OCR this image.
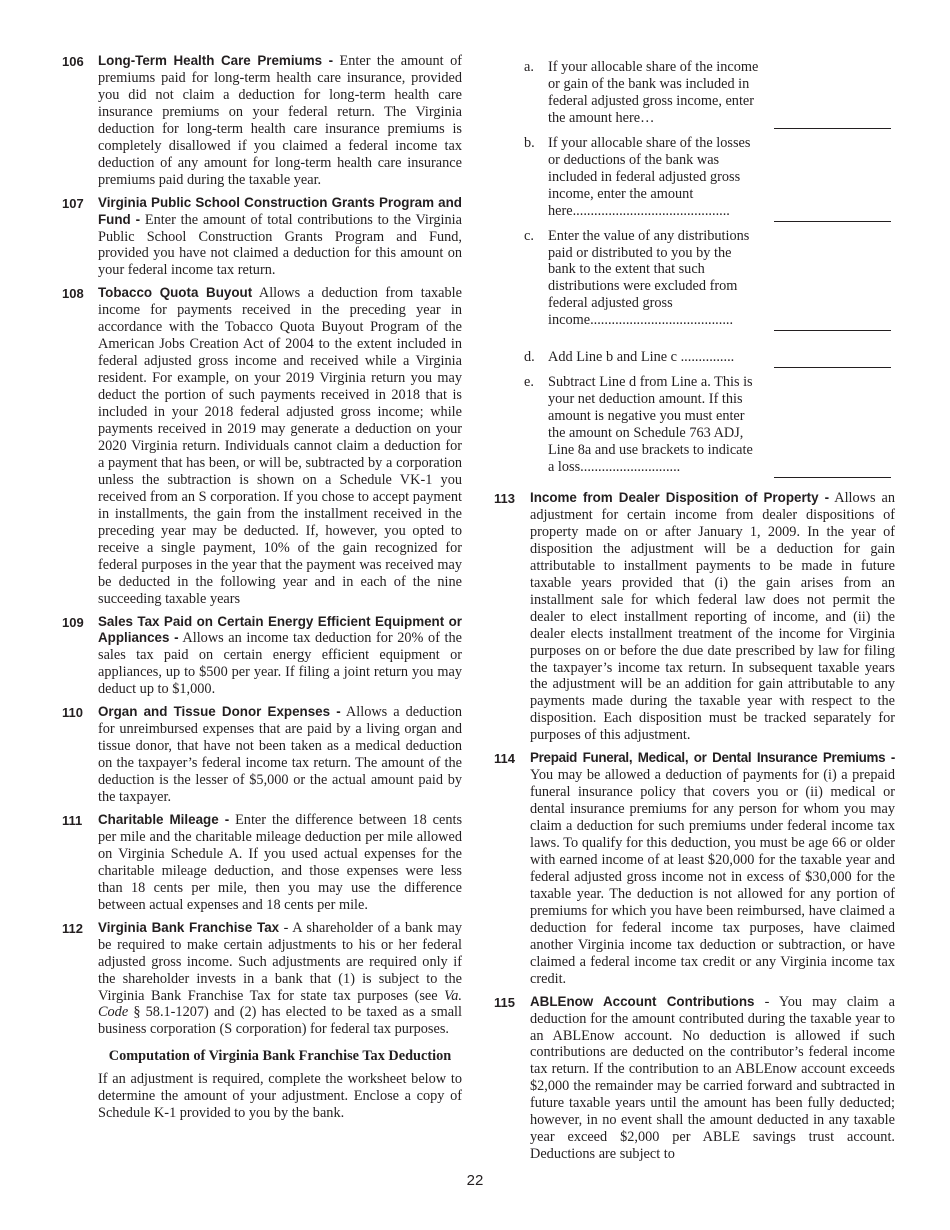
106	Long-Term Health Care Premiums - Enter the amount of premiums paid for long-term health care insurance, provided you did not claim a deduction for long-term health care insurance premiums on your federal return. The Virginia deduction for long-term health care insurance premiums is completely disallowed if you claimed a federal income tax deduction of any amount for long-term health care insurance premiums paid during the taxable year.
107	Virginia Public School Construction Grants Program and Fund - Enter the amount of total contributions to the Virginia Public School Construction Grants Program and Fund, provided you have not claimed a deduction for this amount on your federal income tax return.
108	Tobacco Quota Buyout Allows a deduction from taxable income for payments received in the preceding year in accordance with the Tobacco Quota Buyout Program of the American Jobs Creation Act of 2004 to the extent included in federal adjusted gross income and received while a Virginia resident. For example, on your 2019 Virginia return you may deduct the portion of such payments received in 2018 that is included in your 2018 federal adjusted gross income; while payments received in 2019 may generate a deduction on your 2020 Virginia return. Individuals cannot claim a deduction for a payment that has been, or will be, subtracted by a corporation unless the subtraction is shown on a Schedule VK-1 you received from an S corporation. If you chose to accept payment in installments, the gain from the installment received in the preceding year may be deducted. If, however, you opted to receive a single payment, 10% of the gain recognized for federal purposes in the year that the payment was received may be deducted in the following year and in each of the nine succeeding taxable years
109	Sales Tax Paid on Certain Energy Efficient Equipment or Appliances - Allows an income tax deduction for 20% of the sales tax paid on certain energy efficient equipment or appliances, up to $500 per year. If filing a joint return you may deduct up to $1,000.
110	Organ and Tissue Donor Expenses - Allows a deduction for unreimbursed expenses that are paid by a living organ and tissue donor, that have not been taken as a medical deduction on the taxpayer’s federal income tax return. The amount of the deduction is the lesser of $5,000 or the actual amount paid by the taxpayer.
111	Charitable Mileage - Enter the difference between 18 cents per mile and the charitable mileage deduction per mile allowed on Virginia Schedule A. If you used actual expenses for the charitable mileage deduction, and those expenses were less than 18 cents per mile, then you may use the difference between actual expenses and 18 cents per mile.
112	Virginia Bank Franchise Tax - A shareholder of a bank may be required to make certain adjustments to his or her federal adjusted gross income. Such adjustments are required only if the shareholder invests in a bank that (1) is subject to the Virginia Bank Franchise Tax for state tax purposes (see Va. Code § 58.1-1207) and (2) has elected to be taxed as a small business corporation (S corporation) for federal tax purposes.
Computation of Virginia Bank Franchise Tax Deduction
If an adjustment is required, complete the worksheet below to determine the amount of your adjustment. Enclose a copy of Schedule K-1 provided to you by the bank.
a. If your allocable share of the income or gain of the bank was included in federal adjusted gross income, enter the amount here…
b. If your allocable share of the losses or deductions of the bank was included in federal adjusted gross income, enter the amount here............................................
c. Enter the value of any distributions paid or distributed to you by the bank to the extent that such distributions were excluded from federal adjusted gross income........................................
d. Add Line b and Line c ...............
e. Subtract Line d from Line a. This is your net deduction amount. If this amount is negative you must enter the amount on Schedule 763 ADJ, Line 8a and use brackets to indicate a loss............................
113	Income from Dealer Disposition of Property - Allows an adjustment for certain income from dealer dispositions of property made on or after January 1, 2009. In the year of disposition the adjustment will be a deduction for gain attributable to installment payments to be made in future taxable years provided that (i) the gain arises from an installment sale for which federal law does not permit the dealer to elect installment reporting of income, and (ii) the dealer elects installment treatment of the income for Virginia purposes on or before the due date prescribed by law for filing the taxpayer’s income tax return. In subsequent taxable years the adjustment will be an addition for gain attributable to any payments made during the taxable year with respect to the disposition. Each disposition must be tracked separately for purposes of this adjustment.
114	Prepaid Funeral, Medical, or Dental Insurance Premiums - You may be allowed a deduction of payments for (i) a prepaid funeral insurance policy that covers you or (ii) medical or dental insurance premiums for any person for whom you may claim a deduction for such premiums under federal income tax laws. To qualify for this deduction, you must be age 66 or older with earned income of at least $20,000 for the taxable year and federal adjusted gross income not in excess of $30,000 for the taxable year. The deduction is not allowed for any portion of premiums for which you have been reimbursed, have claimed a deduction for federal income tax purposes, have claimed another Virginia income tax deduction or subtraction, or have claimed a federal income tax credit or any Virginia income tax credit.
115	ABLEnow Account Contributions - You may claim a deduction for the amount contributed during the taxable year to an ABLEnow account. No deduction is allowed if such contributions are deducted on the contributor’s federal income tax return. If the contribution to an ABLEnow account exceeds $2,000 the remainder may be carried forward and subtracted in future taxable years until the amount has been fully deducted; however, in no event shall the amount deducted in any taxable year exceed $2,000 per ABLE savings trust account. Deductions are subject to
22
